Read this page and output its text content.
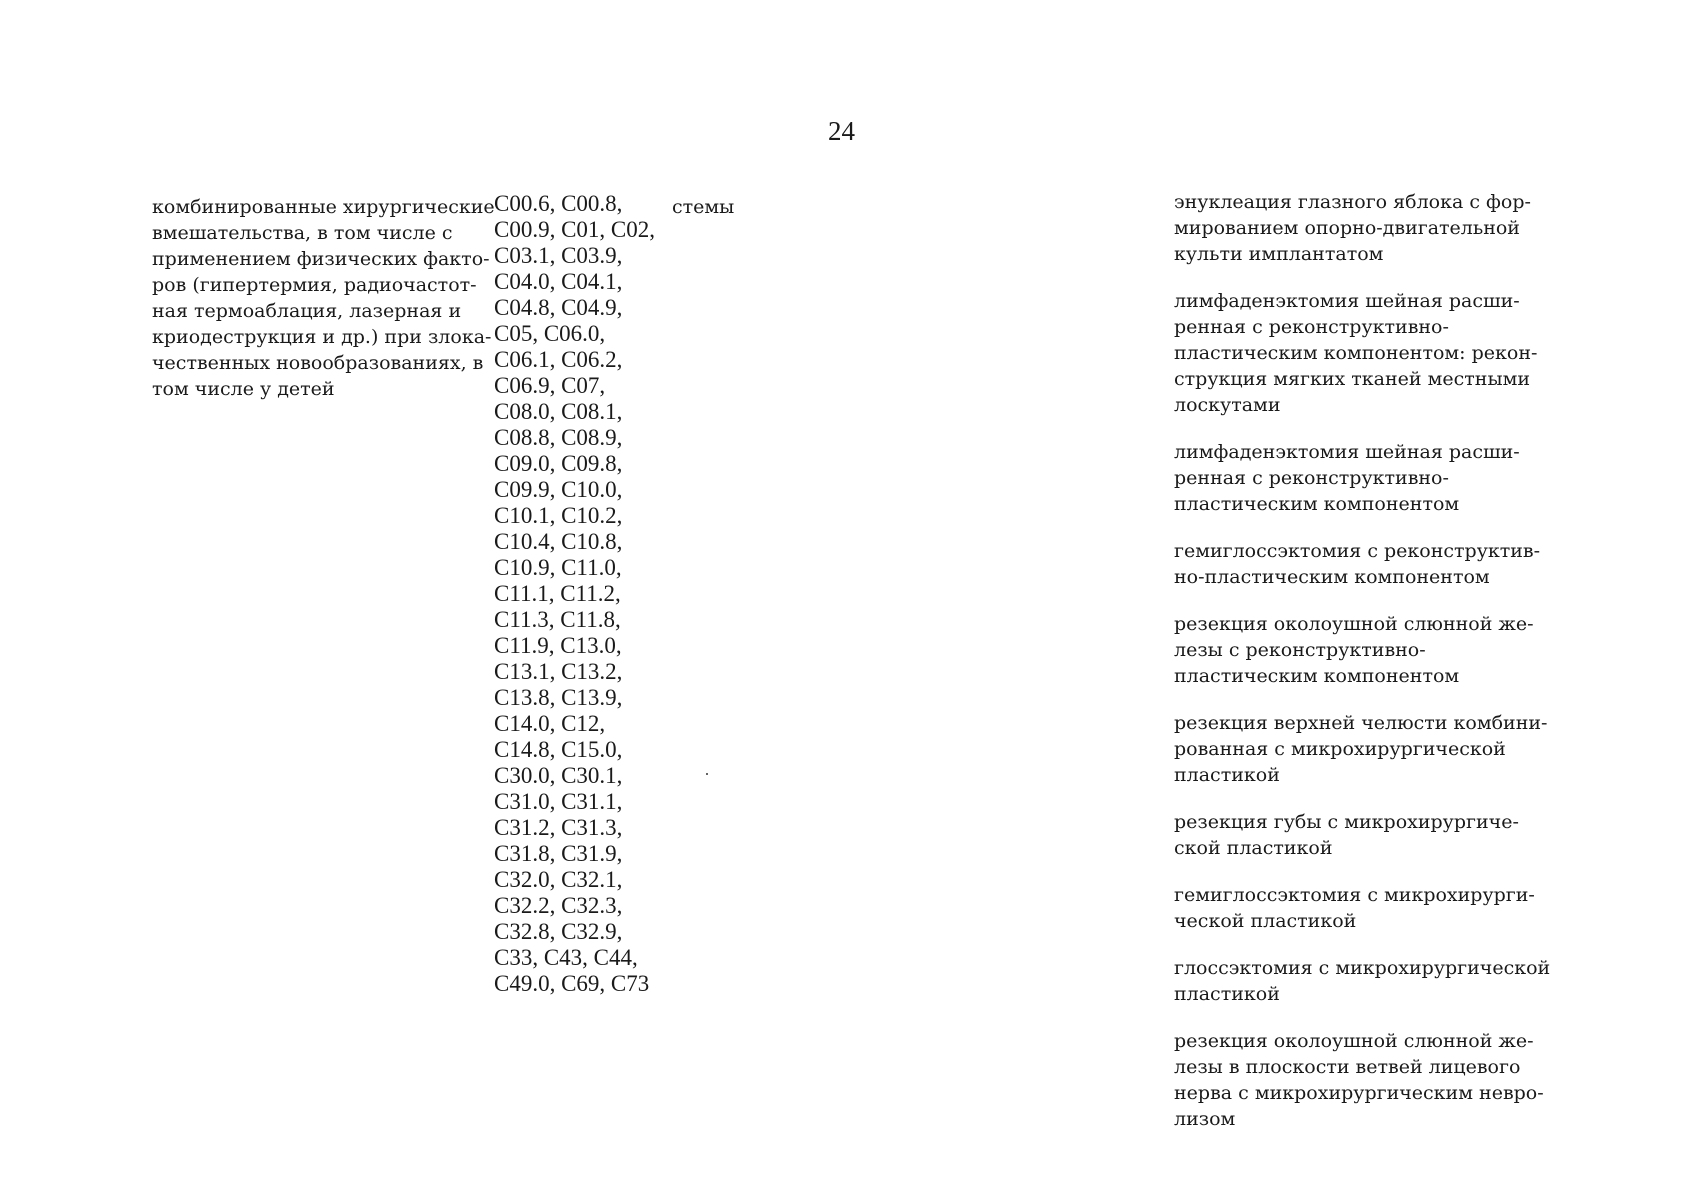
24
комбинированные хирургические
вмешательства, в том числе с
применением физических факто-
ров (гипертермия, радиочастот-
ная термоаблация, лазерная и
криодеструкция и др.) при злока-
чественных новообразованиях, в
том числе у детей
C00.6, C00.8,
C00.9, C01, C02,
C03.1, C03.9,
C04.0, C04.1,
C04.8, C04.9,
C05, C06.0,
C06.1, C06.2,
C06.9, C07,
C08.0, C08.1,
C08.8, C08.9,
C09.0, C09.8,
C09.9, C10.0,
C10.1, C10.2,
C10.4, C10.8,
C10.9, C11.0,
C11.1, C11.2,
C11.3, C11.8,
C11.9, C13.0,
C13.1, C13.2,
C13.8, C13.9,
C14.0, C12,
C14.8, C15.0,
C30.0, C30.1,
C31.0, C31.1,
C31.2, C31.3,
C31.8, C31.9,
C32.0, C32.1,
C32.2, C32.3,
C32.8, C32.9,
C33, C43, C44,
C49.0, C69, C73
стемы	энуклеация глазного яблока с фор-
мированием опорно-двигательной
культи имплантатом
лимфаденэктомия шейная расши-
ренная с реконструктивно-
пластическим компонентом: рекон-
струкция мягких тканей местными
лоскутами
лимфаденэктомия шейная расши-
ренная с реконструктивно-
пластическим компонентом
гемиглоссэктомия с реконструктив-
но-пластическим компонентом
резекция околоушной слюнной же-
лезы с реконструктивно-
пластическим компонентом
резекция верхней челюсти комбини-
рованная с микрохирургической
пластикой
резекция губы с микрохирургиче-
ской пластикой
гемиглоссэктомия с микрохирурги-
ческой пластикой
глоссэктомия с микрохирургической
пластикой
резекция околоушной слюнной же-
лезы в плоскости ветвей лицевого
нерва с микрохирургическим невро-
лизом
